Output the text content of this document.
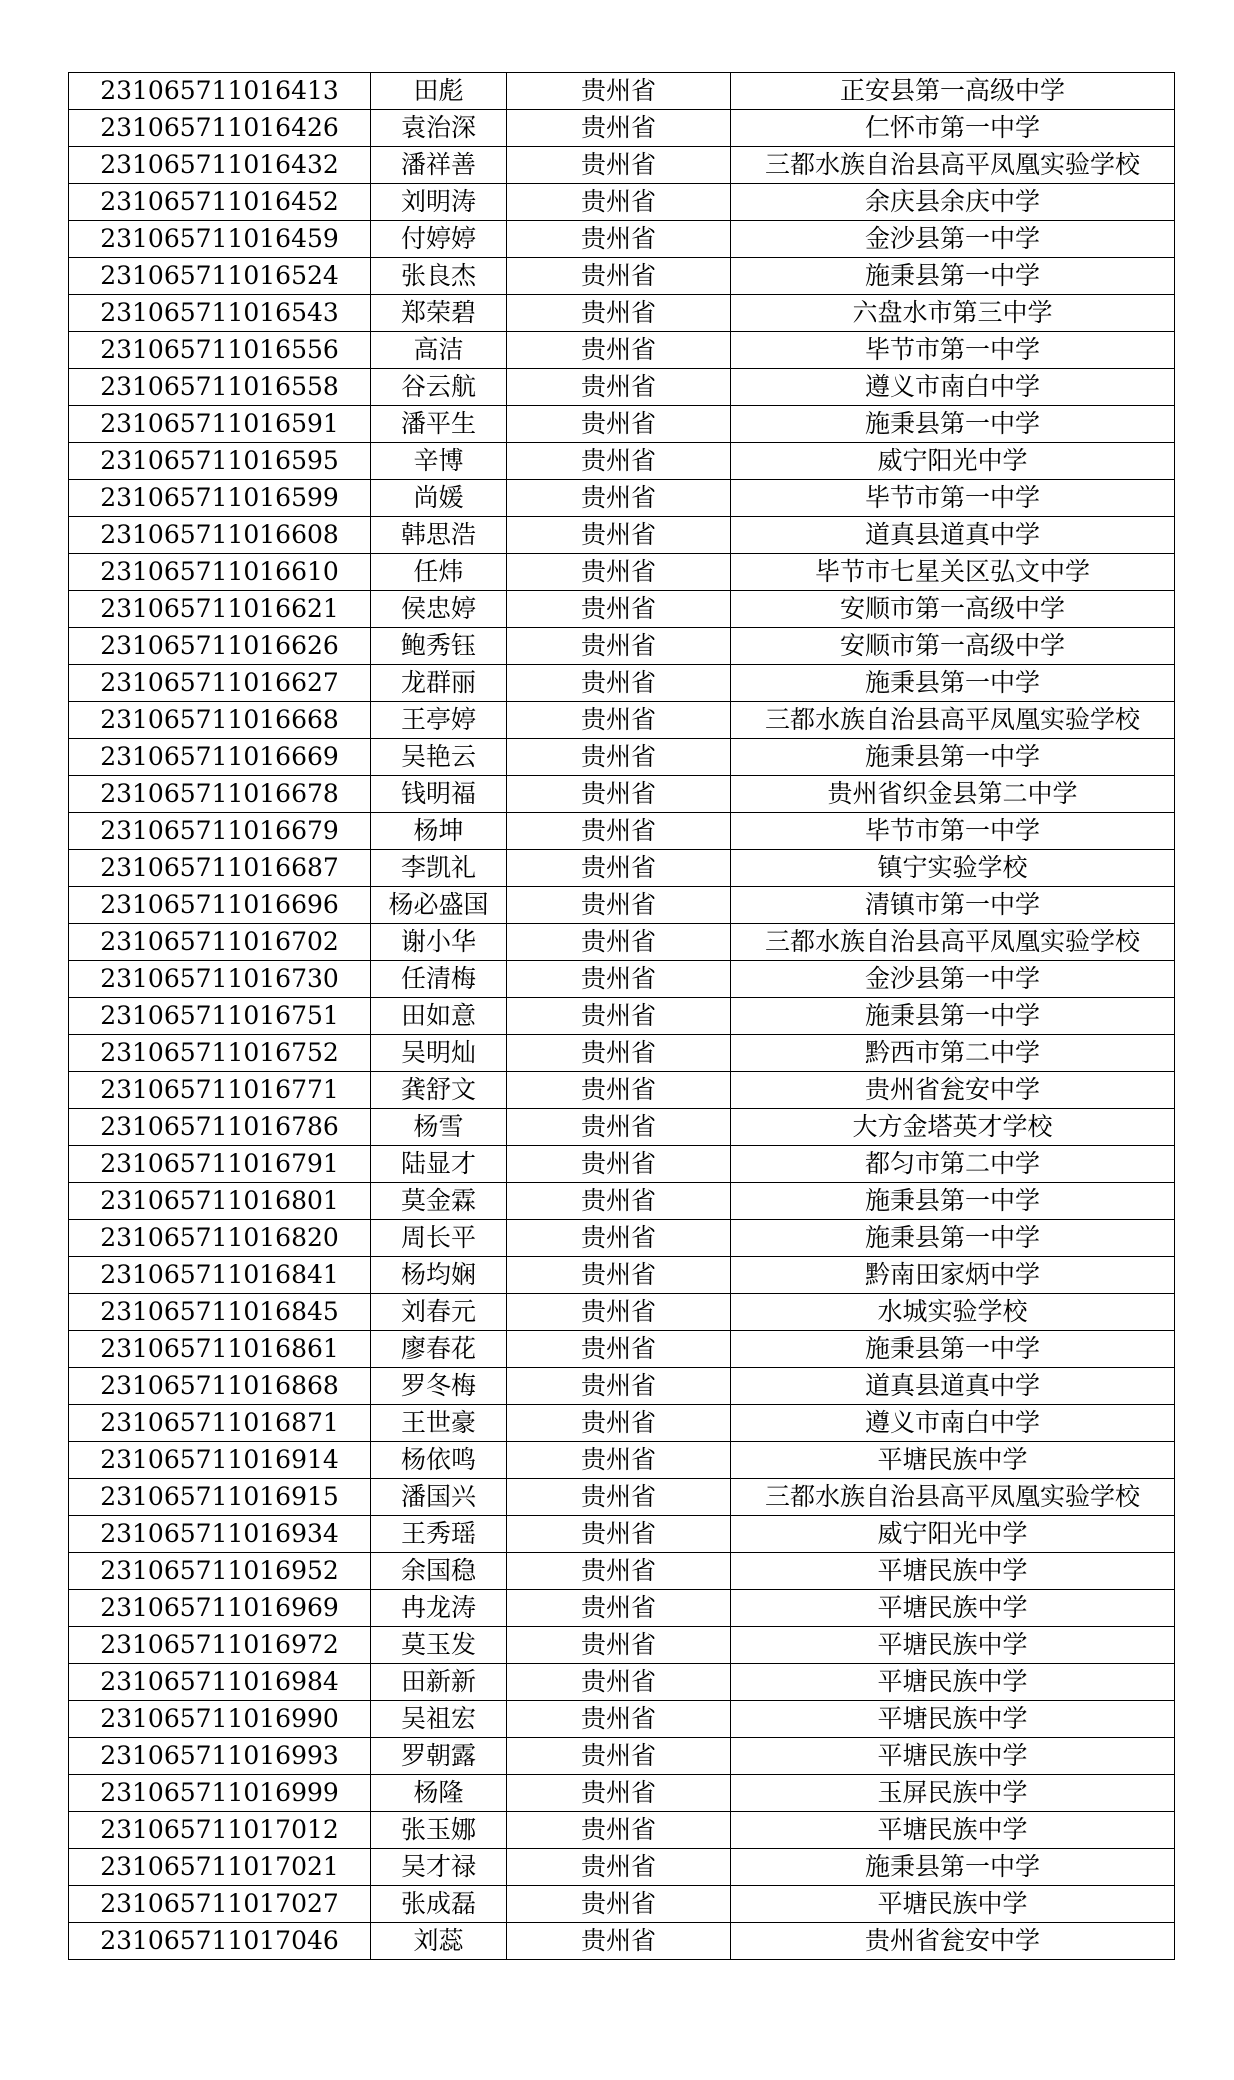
231065711016413	田彪	贵州省	正安县第一高级中学
231065711016426	袁治深	贵州省	仁怀市第一中学
231065711016432	潘祥善	贵州省	三都水族自治县高平凤凰实验学校
231065711016452	刘明涛	贵州省	余庆县余庆中学
231065711016459	付婷婷	贵州省	金沙县第一中学
231065711016524	张良杰	贵州省	施秉县第一中学
231065711016543	郑荣碧	贵州省	六盘水市第三中学
231065711016556	高洁	贵州省	毕节市第一中学
231065711016558	谷云航	贵州省	遵义市南白中学
231065711016591	潘平生	贵州省	施秉县第一中学
231065711016595	辛博	贵州省	威宁阳光中学
231065711016599	尚媛	贵州省	毕节市第一中学
231065711016608	韩思浩	贵州省	道真县道真中学
231065711016610	任炜	贵州省	毕节市七星关区弘文中学
231065711016621	侯忠婷	贵州省	安顺市第一高级中学
231065711016626	鲍秀钰	贵州省	安顺市第一高级中学
231065711016627	龙群丽	贵州省	施秉县第一中学
231065711016668	王亭婷	贵州省	三都水族自治县高平凤凰实验学校
231065711016669	吴艳云	贵州省	施秉县第一中学
231065711016678	钱明福	贵州省	贵州省织金县第二中学
231065711016679	杨坤	贵州省	毕节市第一中学
231065711016687	李凯礼	贵州省	镇宁实验学校
231065711016696	杨必盛国	贵州省	清镇市第一中学
231065711016702	谢小华	贵州省	三都水族自治县高平凤凰实验学校
231065711016730	任清梅	贵州省	金沙县第一中学
231065711016751	田如意	贵州省	施秉县第一中学
231065711016752	吴明灿	贵州省	黔西市第二中学
231065711016771	龚舒文	贵州省	贵州省瓮安中学
231065711016786	杨雪	贵州省	大方金塔英才学校
231065711016791	陆显才	贵州省	都匀市第二中学
231065711016801	莫金霖	贵州省	施秉县第一中学
231065711016820	周长平	贵州省	施秉县第一中学
231065711016841	杨均娴	贵州省	黔南田家炳中学
231065711016845	刘春元	贵州省	水城实验学校
231065711016861	廖春花	贵州省	施秉县第一中学
231065711016868	罗冬梅	贵州省	道真县道真中学
231065711016871	王世豪	贵州省	遵义市南白中学
231065711016914	杨依鸣	贵州省	平塘民族中学
231065711016915	潘国兴	贵州省	三都水族自治县高平凤凰实验学校
231065711016934	王秀瑶	贵州省	威宁阳光中学
231065711016952	余国稳	贵州省	平塘民族中学
231065711016969	冉龙涛	贵州省	平塘民族中学
231065711016972	莫玉发	贵州省	平塘民族中学
231065711016984	田新新	贵州省	平塘民族中学
231065711016990	吴祖宏	贵州省	平塘民族中学
231065711016993	罗朝露	贵州省	平塘民族中学
231065711016999	杨隆	贵州省	玉屏民族中学
231065711017012	张玉娜	贵州省	平塘民族中学
231065711017021	吴才禄	贵州省	施秉县第一中学
231065711017027	张成磊	贵州省	平塘民族中学
231065711017046	刘蕊	贵州省	贵州省瓮安中学
